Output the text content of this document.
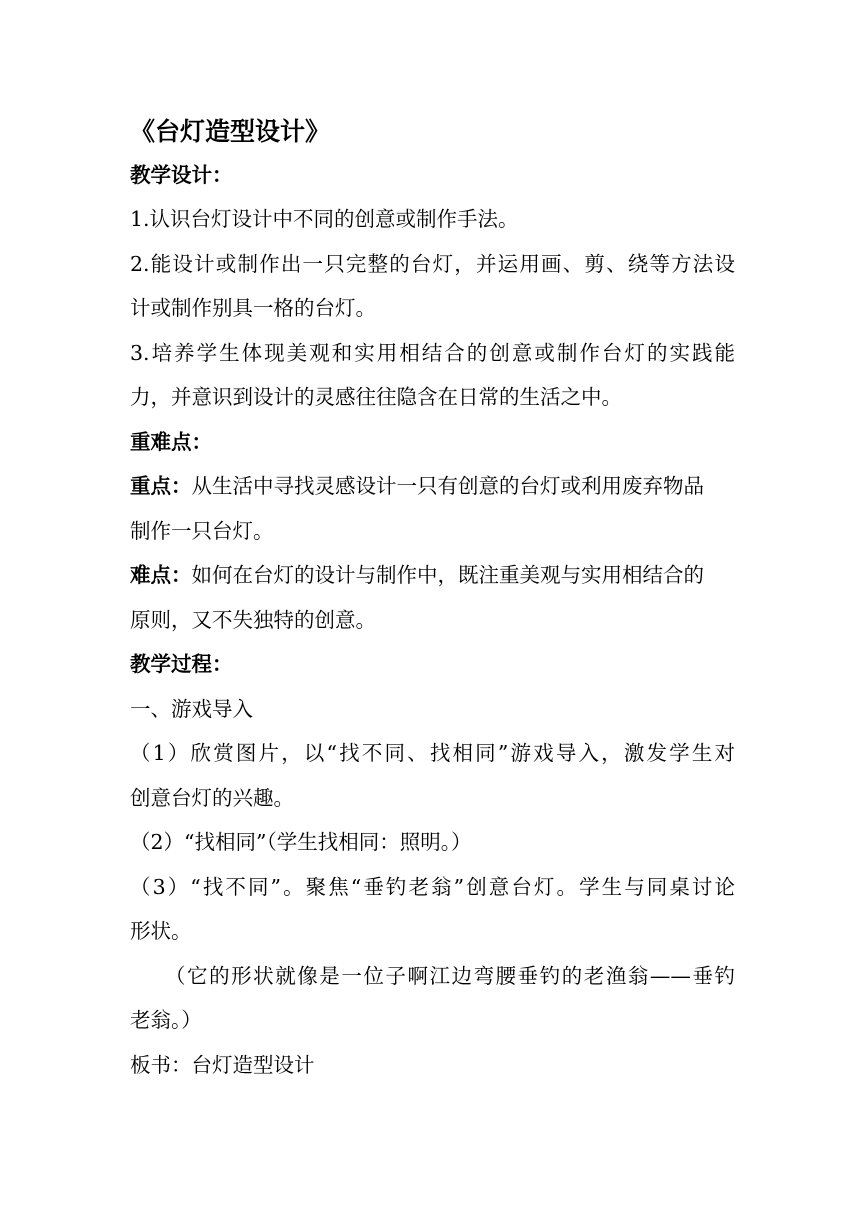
《台灯造型设计》
教学设计：
1.认识台灯设计中不同的创意或制作手法。
2.能设计或制作出一只完整的台灯，并运用画、剪、绕等方法设
计或制作别具一格的台灯。
3.培养学生体现美观和实用相结合的创意或制作台灯的实践能
力，并意识到设计的灵感往往隐含在日常的生活之中。
重难点：
重点：从生活中寻找灵感设计一只有创意的台灯或利用废弃物品
制作一只台灯。
难点：如何在台灯的设计与制作中，既注重美观与实用相结合的
原则，又不失独特的创意。
教学过程：
一、游戏导入
（1）欣赏图片，以“找不同、找相同”游戏导入，激发学生对
创意台灯的兴趣。
（2）“找相同”（学生找相同：照明。）
（3）“找不同”。聚焦“垂钓老翁”创意台灯。学生与同桌讨论
形状。
（它的形状就像是一位子啊江边弯腰垂钓的老渔翁——垂钓
老翁。）
板书：台灯造型设计
